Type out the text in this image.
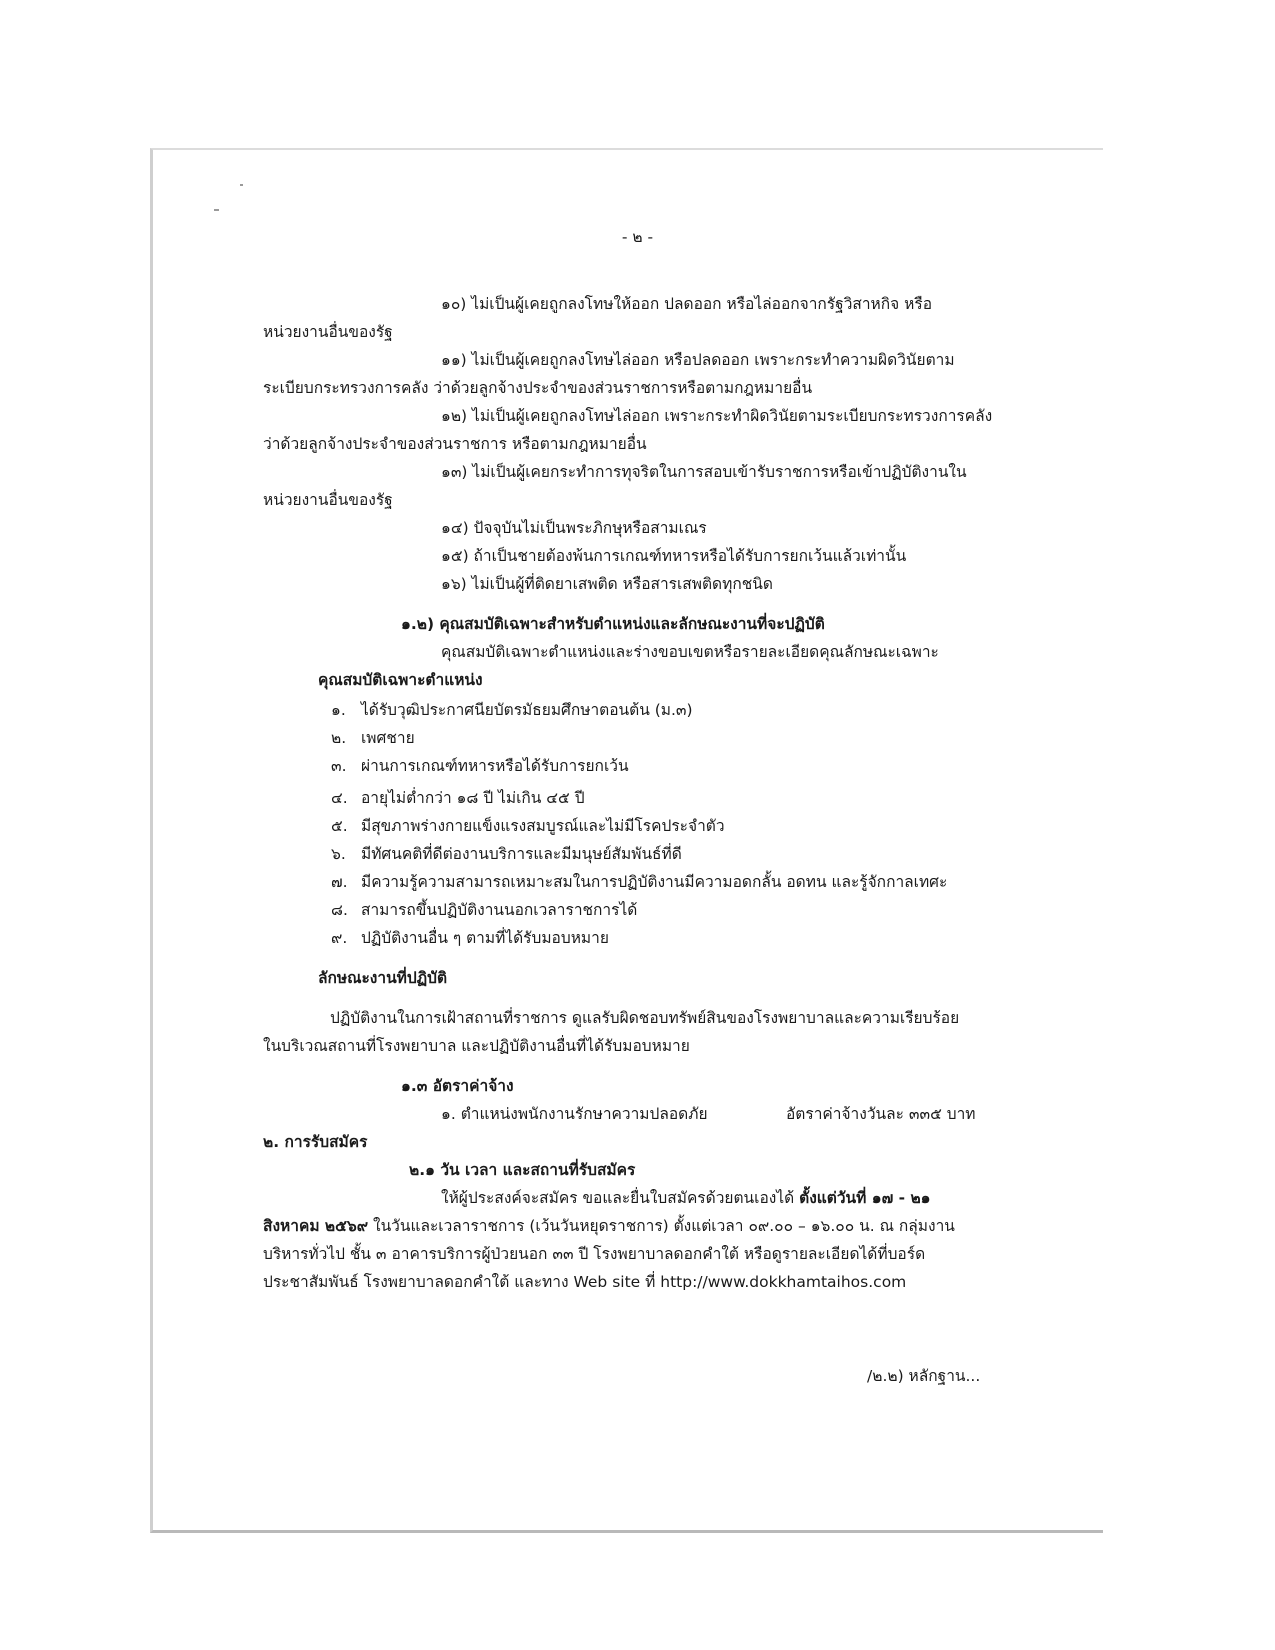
- ๒ -
๑๐) ไม่เป็นผู้เคยถูกลงโทษให้ออก ปลดออก หรือไล่ออกจากรัฐวิสาหกิจ หรือ
หน่วยงานอื่นของรัฐ
๑๑) ไม่เป็นผู้เคยถูกลงโทษไล่ออก หรือปลดออก เพราะกระทำความผิดวินัยตาม
ระเบียบกระทรวงการคลัง ว่าด้วยลูกจ้างประจำของส่วนราชการหรือตามกฎหมายอื่น
๑๒) ไม่เป็นผู้เคยถูกลงโทษไล่ออก เพราะกระทำผิดวินัยตามระเบียบกระทรวงการคลัง
ว่าด้วยลูกจ้างประจำของส่วนราชการ หรือตามกฎหมายอื่น
๑๓) ไม่เป็นผู้เคยกระทำการทุจริตในการสอบเข้ารับราชการหรือเข้าปฏิบัติงานใน
หน่วยงานอื่นของรัฐ
๑๔) ปัจจุบันไม่เป็นพระภิกษุหรือสามเณร
๑๕) ถ้าเป็นชายต้องพ้นการเกณฑ์ทหารหรือได้รับการยกเว้นแล้วเท่านั้น
๑๖) ไม่เป็นผู้ที่ติดยาเสพติด หรือสารเสพติดทุกชนิด
๑.๒) คุณสมบัติเฉพาะสำหรับตำแหน่งและลักษณะงานที่จะปฏิบัติ
คุณสมบัติเฉพาะตำแหน่งและร่างขอบเขตหรือรายละเอียดคุณลักษณะเฉพาะ
คุณสมบัติเฉพาะตำแหน่ง
๑. ได้รับวุฒิประกาศนียบัตรมัธยมศึกษาตอนต้น (ม.๓)
๒. เพศชาย
๓. ผ่านการเกณฑ์ทหารหรือได้รับการยกเว้น
๔. อายุไม่ต่ำกว่า ๑๘ ปี ไม่เกิน ๔๕ ปี
๕. มีสุขภาพร่างกายแข็งแรงสมบูรณ์และไม่มีโรคประจำตัว
๖. มีทัศนคติที่ดีต่องานบริการและมีมนุษย์สัมพันธ์ที่ดี
๗. มีความรู้ความสามารถเหมาะสมในการปฏิบัติงานมีความอดกลั้น อดทน และรู้จักกาลเทศะ
๘. สามารถขึ้นปฏิบัติงานนอกเวลาราชการได้
๙. ปฏิบัติงานอื่น ๆ ตามที่ได้รับมอบหมาย
ลักษณะงานที่ปฏิบัติ
ปฏิบัติงานในการเฝ้าสถานที่ราชการ ดูแลรับผิดชอบทรัพย์สินของโรงพยาบาลและความเรียบร้อย
ในบริเวณสถานที่โรงพยาบาล และปฏิบัติงานอื่นที่ได้รับมอบหมาย
๑.๓ อัตราค่าจ้าง
๑. ตำแหน่งพนักงานรักษาความปลอดภัย	อัตราค่าจ้างวันละ ๓๓๕ บาท
๒. การรับสมัคร
๒.๑ วัน เวลา และสถานที่รับสมัคร
ให้ผู้ประสงค์จะสมัคร ขอและยื่นใบสมัครด้วยตนเองได้ ตั้งแต่วันที่ ๑๗ - ๒๑
สิงหาคม ๒๕๖๙ ในวันและเวลาราชการ (เว้นวันหยุดราชการ) ตั้งแต่เวลา ๐๙.๐๐ – ๑๖.๐๐ น. ณ กลุ่มงาน
บริหารทั่วไป ชั้น ๓ อาคารบริการผู้ป่วยนอก ๓๓ ปี โรงพยาบาลดอกคำใต้ หรือดูรายละเอียดได้ที่บอร์ด
ประชาสัมพันธ์ โรงพยาบาลดอกคำใต้ และทาง Web site ที่ http://www.dokkhamtaihos.com
/๒.๒) หลักฐาน...
